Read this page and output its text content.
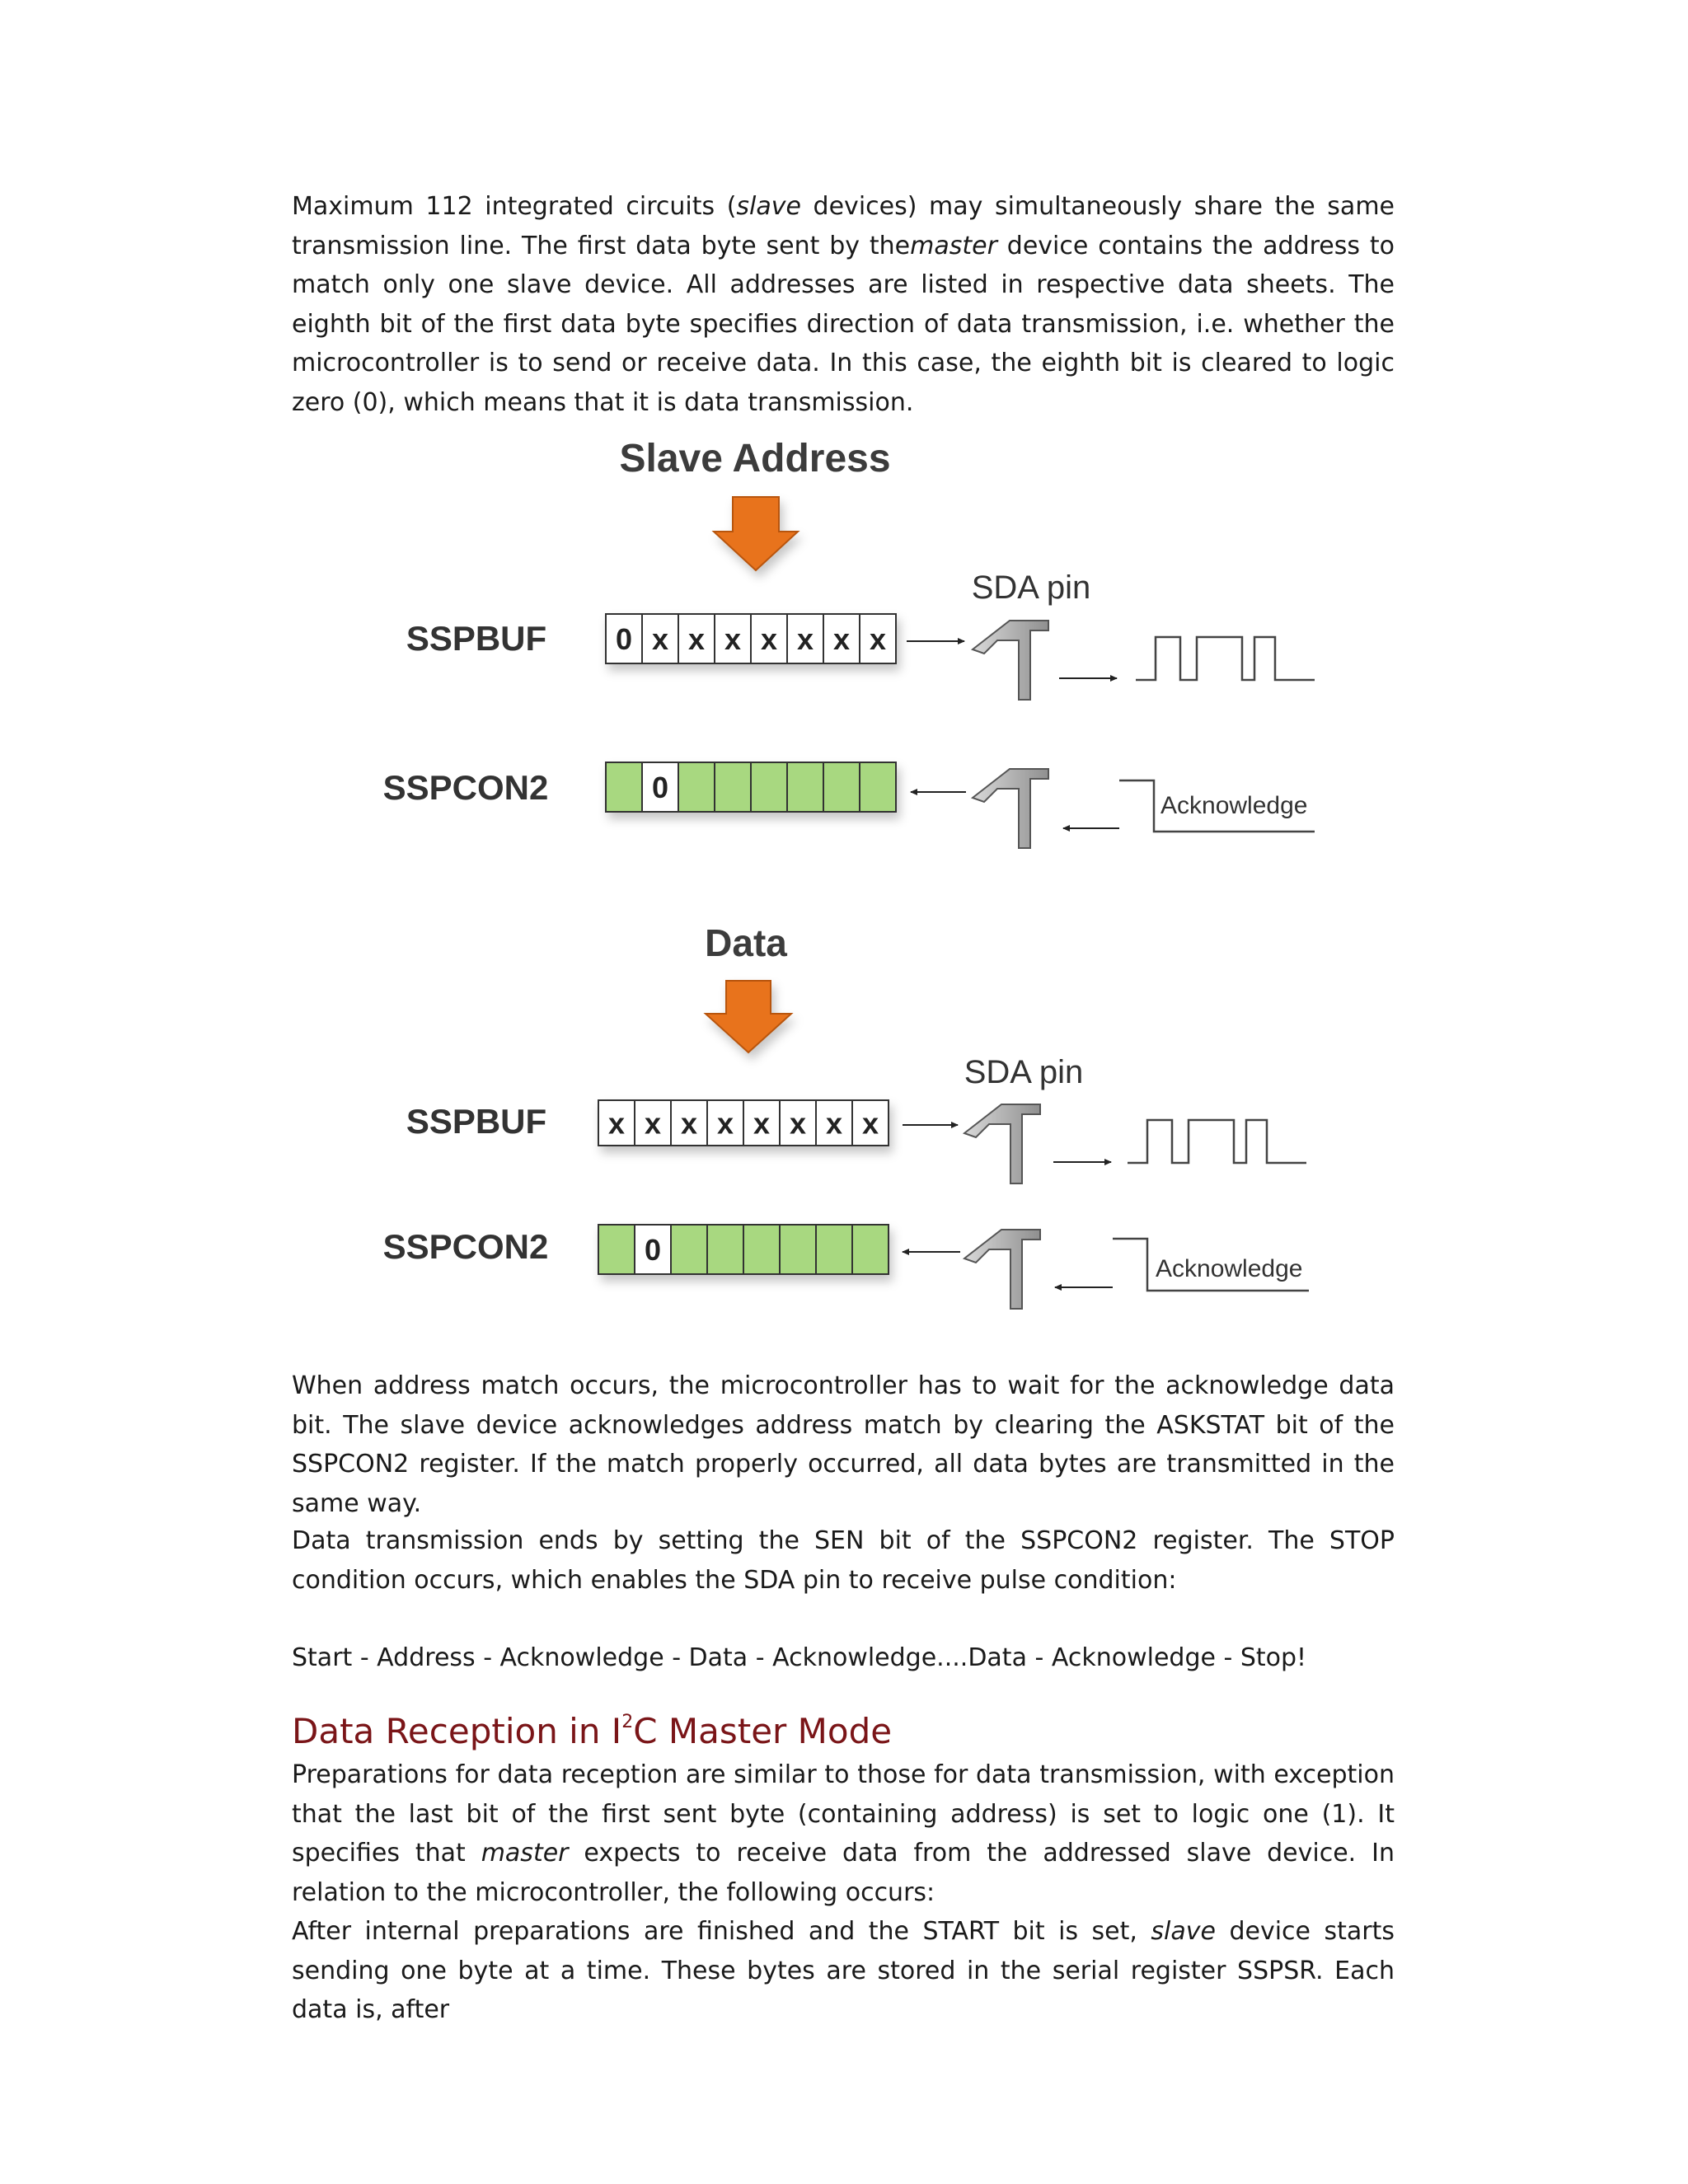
Maximum 112 integrated circuits (slave devices) may simultaneously share the same transmission line. The first data byte sent by themaster device contains the address to match only one slave device. All addresses are listed in respective data sheets. The eighth bit of the first data byte specifies direction of data transmission, i.e. whether the microcontroller is to send or receive data. In this case, the eighth bit is cleared to logic zero (0), which means that it is data transmission.

Slave Address
SSPBUF 0 x x x x x x x
SDA pin
SSPCON2	0
Acknowledge
Data
SSPBUF x x x x x x x x
SDA pin
SSPCON2	0
Acknowledge

When address match occurs, the microcontroller has to wait for the acknowledge data bit. The slave device acknowledges address match by clearing the ASKSTAT bit of the SSPCON2 register. If the match properly occurred, all data bytes are transmitted in the same way.

Data transmission ends by setting the SEN bit of the SSPCON2 register. The STOP condition occurs, which enables the SDA pin to receive pulse condition:

Start - Address - Acknowledge - Data - Acknowledge....Data - Acknowledge - Stop!

Data Reception in $I^2C$ Master Mode

Preparations for data reception are similar to those for data transmission, with exception that the last bit of the first sent byte (containing address) is set to logic one (1). It specifies that master expects to receive data from the addressed slave device. In relation to the microcontroller, the following occurs:

After internal preparations are finished and the START bit is set, slave device starts sending one byte at a time. These bytes are stored in the serial register SSPSR. Each data is, after
